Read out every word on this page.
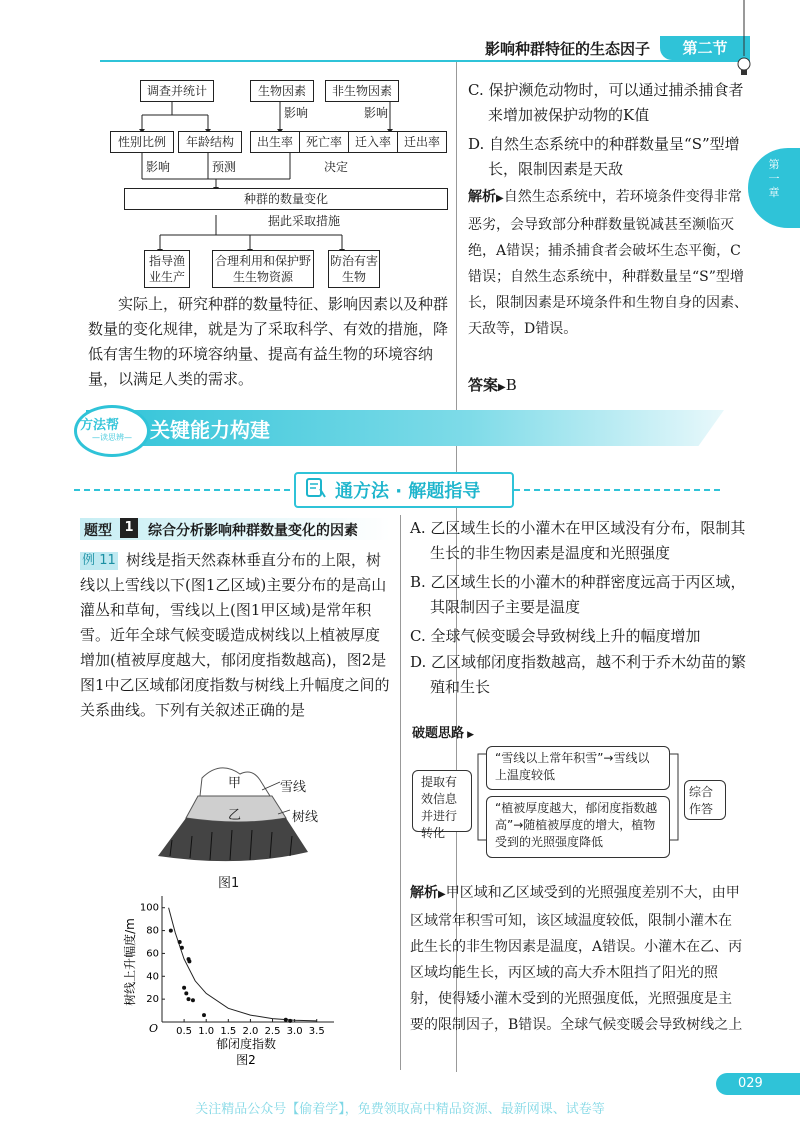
影响种群特征的生态因子	第二节
第一章
调查并统计	生物因素	非生物因素
影响	影响
性别比例	年龄结构	出生率	死亡率	迁入率	迁出率
影响	预测	决定
种群的数量变化
据此采取措施
指导渔业生产
合理利用和保护野生生物资源
防治有害生物
实际上，研究种群的数量特征、影响因素以及种群数量的变化规律，就是为了采取科学、有效的措施，降低有害生物的环境容纳量、提高有益生物的环境容纳量，以满足人类的需求。
C. 保护濒危动物时，可以通过捕杀捕食者来增加被保护动物的K值
D. 自然生态系统中的种群数量呈“S”型增长，限制因素是天敌
解析▶自然生态系统中，若环境条件变得非常恶劣，会导致部分种群数量锐减甚至濒临灭绝，A错误；捕杀捕食者会破坏生态平衡，C错误；自然生态系统中，种群数量呈“S”型增长，限制因素是环境条件和生物自身的因素、天敌等，D错误。
答案▶B
方法帮
—读思辨— 关键能力构建
通方法 · 解题指导
题型 1	综合分析影响种群数量变化的因素
例 11 树线是指天然森林垂直分布的上限，树线以上雪线以下(图1乙区域)主要分布的是高山灌丛和草甸，雪线以上(图1甲区域)是常年积雪。近年全球气候变暖造成树线以上植被厚度增加(植被厚度越大，郁闭度指数越高)，图2是图1中乙区域郁闭度指数与树线上升幅度之间的关系曲线。下列有关叙述正确的是
甲
乙
雪线
树线
图1
0.5 1.0 1.5 2.0 2.5 3.0 3.5
20
40
60
80
100
O
郁闭度指数
树线上升幅度/m
图2
A. 乙区域生长的小灌木在甲区域没有分布，限制其生长的非生物因素是温度和光照强度
B. 乙区域生长的小灌木的种群密度远高于丙区域，其限制因子主要是温度
C. 全球气候变暖会导致树线上升的幅度增加
D. 乙区域郁闭度指数越高，越不利于乔木幼苗的繁殖和生长
破题思路 ▶
提取有效信息并进行转化
“雪线以上常年积雪”→雪线以上温度较低
“植被厚度越大，郁闭度指数越高”→随植被厚度的增大，植物受到的光照强度降低
综合作答
解析▶甲区域和乙区域受到的光照强度差别不大，由甲区域常年积雪可知，该区域温度较低，限制小灌木在此生长的非生物因素是温度，A错误。小灌木在乙、丙区域均能生长，丙区域的高大乔木阻挡了阳光的照射，使得矮小灌木受到的光照强度低，光照强度是主要的限制因子，B错误。全球气候变暖会导致树线之上
029
关注精品公众号【偷着学】，免费领取高中精品资源、最新网课、试卷等
